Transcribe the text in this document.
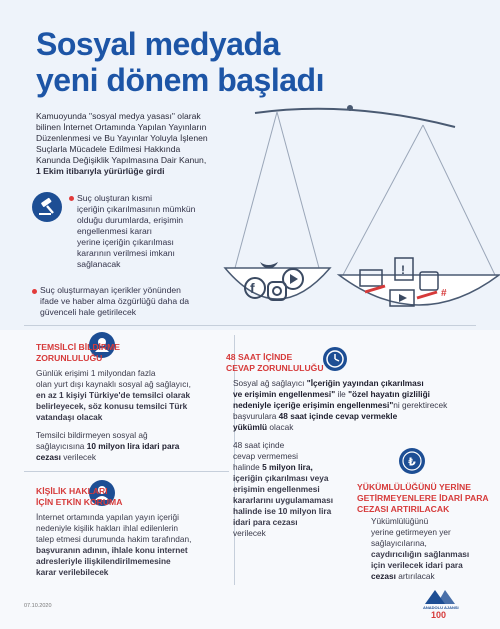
Sosyal medyada
yeni dönem başladı
Kamuoyunda "sosyal medya yasası" olarak
bilinen İnternet Ortamında Yapılan Yayınların
Düzenlenmesi ve Bu Yayınlar Yoluyla İşlenen
Suçlarla Mücadele Edilmesi Hakkında
Kanunda Değişiklik Yapılmasına Dair Kanun,
1 Ekim itibarıyla yürürlüğe girdi
f
!
#
Suç oluşturan kısmi
içeriğin çıkarılmasının mümkün
olduğu durumlarda, erişimin
engellenmesi kararı
yerine içeriğin çıkarılması
kararının verilmesi imkanı
sağlanacak
Suç oluşturmayan içerikler yönünden
ifade ve haber alma özgürlüğü daha da
güvenceli hale getirilecek
TEMSİLCİ BİLDİRME
ZORUNLULUĞU
Günlük erişimi 1 milyondan fazla
olan yurt dışı kaynaklı sosyal ağ sağlayıcı,
en az 1 kişiyi Türkiye'de temsilci olarak
belirleyecek, söz konusu temsilci Türk
vatandaşı olacak
Temsilci bildirmeyen sosyal ağ
sağlayıcısına 10 milyon lira idari para
cezası verilecek
KİŞİLİK HAKLARI
İÇİN ETKİN KORUMA
İnternet ortamında yapılan yayın içeriği
nedeniyle kişilik hakları ihlal edilenlerin
talep etmesi durumunda hakim tarafından,
başvuranın adının, ihlale konu internet
adresleriyle ilişkilendirilmemesine
karar verilebilecek
48 SAAT İÇİNDE
CEVAP ZORUNLULUĞU
Sosyal ağ sağlayıcı "İçeriğin yayından çıkarılması
ve erişimin engellenmesi" ile "özel hayatın gizliliği
nedeniyle içeriğe erişimin engellenmesi"ni gerektirecek
başvurulara 48 saat içinde cevap vermekle
yükümlü olacak
48 saat içinde
cevap vermemesi
halinde 5 milyon lira,
içeriğin çıkarılması veya
erişimin engellenmesi
kararlarını uygulamaması
halinde ise 10 milyon lira
idari para cezası
verilecek
₺
YÜKÜMLÜLÜĞÜNÜ YERİNE
GETİRMEYENLERE İDARİ PARA
CEZASI ARTIRILACAK
Yükümlülüğünü
yerine getirmeyen yer
sağlayıcılarına,
caydırıcılığın sağlanması
için verilecek idari para
cezası artırılacak
07.10.2020	ANADOLU AJANSI
100
